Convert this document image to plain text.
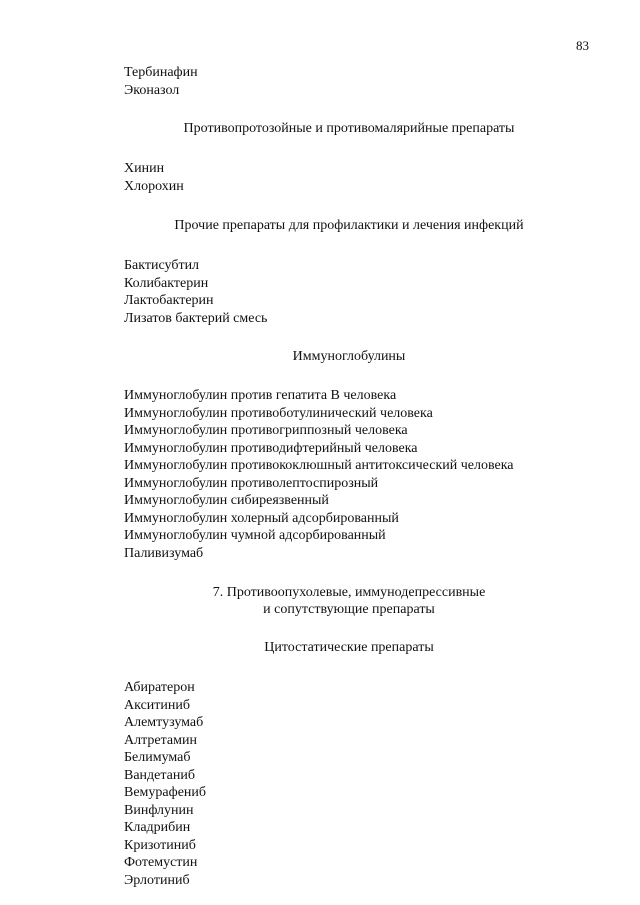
83
Тербинафин
Эконазол
Противопротозойные и противомалярийные препараты
Хинин
Хлорохин
Прочие препараты для профилактики и лечения инфекций
Бактисубтил
Колибактерин
Лактобактерин
Лизатов бактерий смесь
Иммуноглобулины
Иммуноглобулин против гепатита В человека
Иммуноглобулин противоботулинический человека
Иммуноглобулин противогриппозный человека
Иммуноглобулин противодифтерийный человека
Иммуноглобулин противококлюшный антитоксический человека
Иммуноглобулин противолептоспирозный
Иммуноглобулин сибиреязвенный
Иммуноглобулин холерный адсорбированный
Иммуноглобулин чумной адсорбированный
Паливизумаб
7. Противоопухолевые, иммунодепрессивные
и сопутствующие препараты
Цитостатические препараты
Абиратерон
Акситиниб
Алемтузумаб
Алтретамин
Белимумаб
Вандетаниб
Вемурафениб
Винфлунин
Кладрибин
Кризотиниб
Фотемустин
Эрлотиниб
